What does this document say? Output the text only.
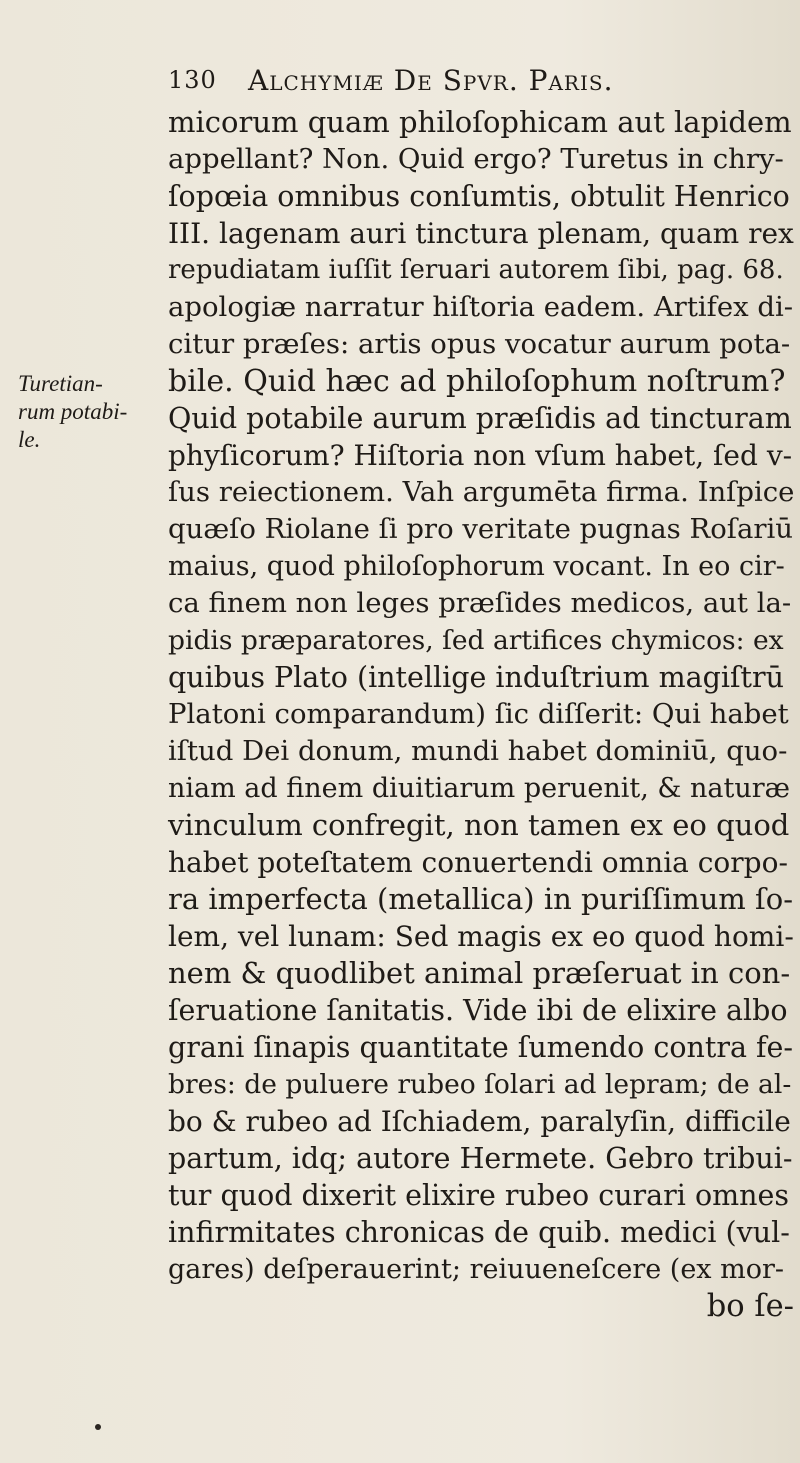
130 Alchymiæ De Spvr. Paris.
Turetian-
rum potabi-
le.
micorum quam philoſophicam aut lapidem
appellant? Non. Quid ergo? Turetus in chry-
ſopœia omnibus conſumtis, obtulit Henrico
III. lagenam auri tinctura plenam, quam rex
repudiatam iuſſit ſeruari autorem ſibi, pag. 68.
apologiæ narratur hiſtoria eadem. Artifex di-
citur præſes: artis opus vocatur aurum pota-
bile. Quid hæc ad philoſophum noſtrum?
Quid potabile aurum præſidis ad tincturam
phyſicorum? Hiſtoria non vſum habet, ſed v-
ſus reiectionem. Vah argumēta firma. Inſpice
quæſo Riolane ſi pro veritate pugnas Roſariū
maius, quod philoſophorum vocant. In eo cir-
ca finem non leges præſides medicos, aut la-
pidis præparatores, ſed artifices chymicos: ex
quibus Plato (intellige induſtrium magiſtrū
Platoni comparandum) ſic diſſerit: Qui habet
iſtud Dei donum, mundi habet dominiū, quo-
niam ad finem diuitiarum peruenit, & naturæ
vinculum confregit, non tamen ex eo quod
habet poteſtatem conuertendi omnia corpo-
ra imperfecta (metallica) in puriſſimum ſo-
lem, vel lunam: Sed magis ex eo quod homi-
nem & quodlibet animal præſeruat in con-
ſeruatione ſanitatis. Vide ibi de elixire albo
grani ſinapis quantitate ſumendo contra fe-
bres: de puluere rubeo ſolari ad lepram; de al-
bo & rubeo ad Iſchiadem, paralyſin, difficile
partum, idq; autore Hermete. Gebro tribui-
tur quod dixerit elixire rubeo curari omnes
infirmitates chronicas de quib. medici (vul-
gares) deſperauerint; reiuueneſcere (ex mor-
bo ſe-
